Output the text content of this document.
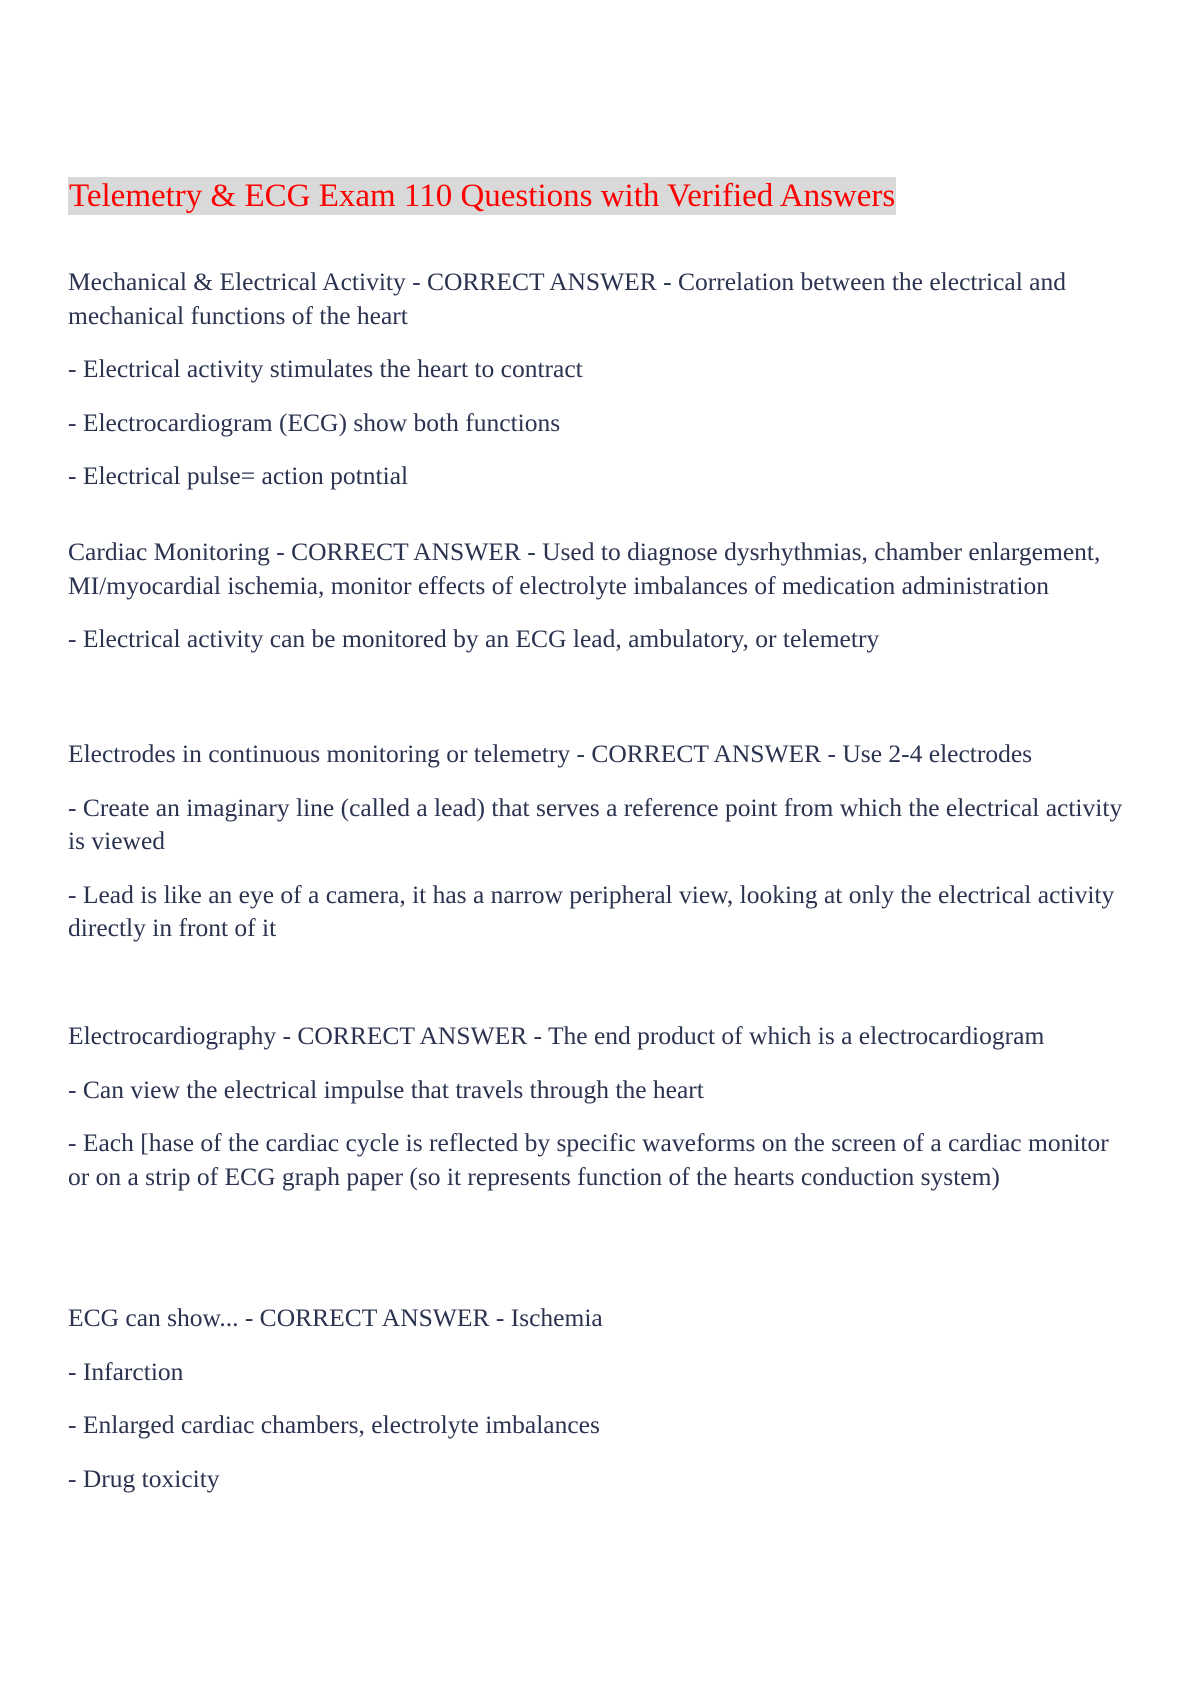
Telemetry & ECG Exam 110 Questions with Verified Answers

Mechanical & Electrical Activity - CORRECT ANSWER - Correlation between the electrical and mechanical functions of the heart

- Electrical activity stimulates the heart to contract

- Electrocardiogram (ECG) show both functions

- Electrical pulse= action potntial

Cardiac Monitoring - CORRECT ANSWER - Used to diagnose dysrhythmias, chamber enlargement, MI/myocardial ischemia, monitor effects of electrolyte imbalances of medication administration

- Electrical activity can be monitored by an ECG lead, ambulatory, or telemetry

Electrodes in continuous monitoring or telemetry - CORRECT ANSWER - Use 2-4 electrodes

- Create an imaginary line (called a lead) that serves a reference point from which the electrical activity is viewed

- Lead is like an eye of a camera, it has a narrow peripheral view, looking at only the electrical activity directly in front of it

Electrocardiography - CORRECT ANSWER - The end product of which is a electrocardiogram

- Can view the electrical impulse that travels through the heart

- Each [hase of the cardiac cycle is reflected by specific waveforms on the screen of a cardiac monitor or on a strip of ECG graph paper (so it represents function of the hearts conduction system)

ECG can show... - CORRECT ANSWER - Ischemia

- Infarction

- Enlarged cardiac chambers, electrolyte imbalances

- Drug toxicity
